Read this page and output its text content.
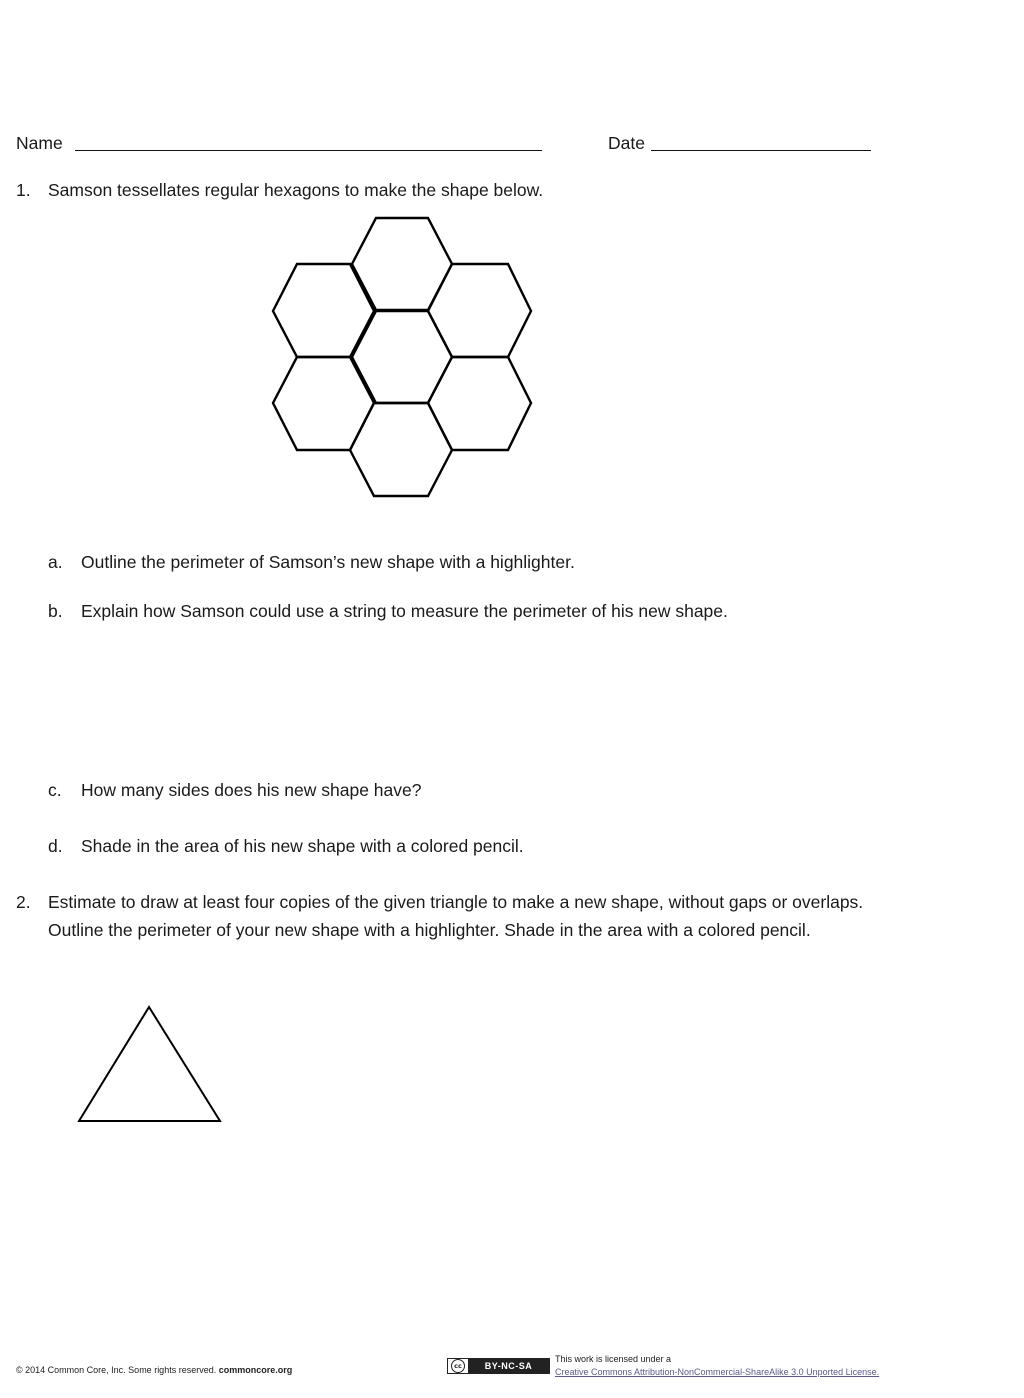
Name	Date
1. Samson tessellates regular hexagons to make the shape below.
a. Outline the perimeter of Samson’s new shape with a highlighter.
b. Explain how Samson could use a string to measure the perimeter of his new shape.
c. How many sides does his new shape have?
d. Shade in the area of his new shape with a colored pencil.
2. Estimate to draw at least four copies of the given triangle to make a new shape, without gaps or overlaps.
Outline the perimeter of your new shape with a highlighter. Shade in the area with a colored pencil.
© 2014 Common Core, Inc. Some rights reserved. commoncore.org	cc	BY-NC-SA
This work is licensed under a
Creative Commons Attribution-NonCommercial-ShareAlike 3.0 Unported License.
